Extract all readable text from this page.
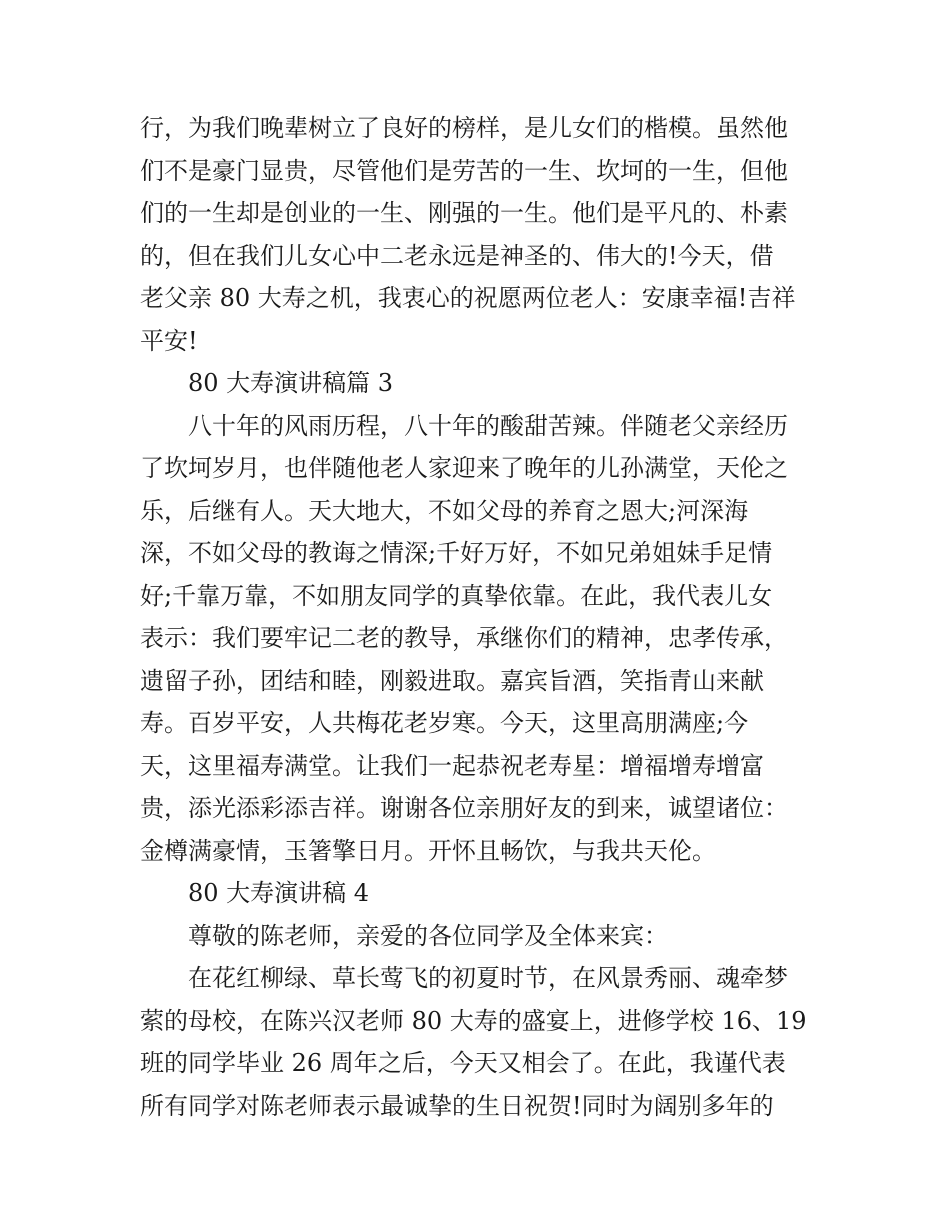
行，为我们晚辈树立了良好的榜样，是儿女们的楷模。虽然他
们不是豪门显贵，尽管他们是劳苦的一生、坎坷的一生，但他
们的一生却是创业的一生、刚强的一生。他们是平凡的、朴素
的，但在我们儿女心中二老永远是神圣的、伟大的!今天，借
老父亲 80 大寿之机，我衷心的祝愿两位老人：安康幸福!吉祥
平安!
80 大寿演讲稿篇 3
八十年的风雨历程，八十年的酸甜苦辣。伴随老父亲经历
了坎坷岁月，也伴随他老人家迎来了晚年的儿孙满堂，天伦之
乐，后继有人。天大地大，不如父母的养育之恩大;河深海
深，不如父母的教诲之情深;千好万好，不如兄弟姐妹手足情
好;千靠万靠，不如朋友同学的真挚依靠。在此，我代表儿女
表示：我们要牢记二老的教导，承继你们的精神，忠孝传承，
遗留子孙，团结和睦，刚毅进取。嘉宾旨酒，笑指青山来献
寿。百岁平安，人共梅花老岁寒。今天，这里高朋满座;今
天，这里福寿满堂。让我们一起恭祝老寿星：增福增寿增富
贵，添光添彩添吉祥。谢谢各位亲朋好友的到来，诚望诸位：
金樽满豪情，玉箸擎日月。开怀且畅饮，与我共天伦。
80 大寿演讲稿 4
尊敬的陈老师，亲爱的各位同学及全体来宾：
在花红柳绿、草长莺飞的初夏时节，在风景秀丽、魂牵梦
萦的母校，在陈兴汉老师 80 大寿的盛宴上，进修学校 16、19
班的同学毕业 26 周年之后，今天又相会了。在此，我谨代表
所有同学对陈老师表示最诚挚的生日祝贺!同时为阔别多年的
